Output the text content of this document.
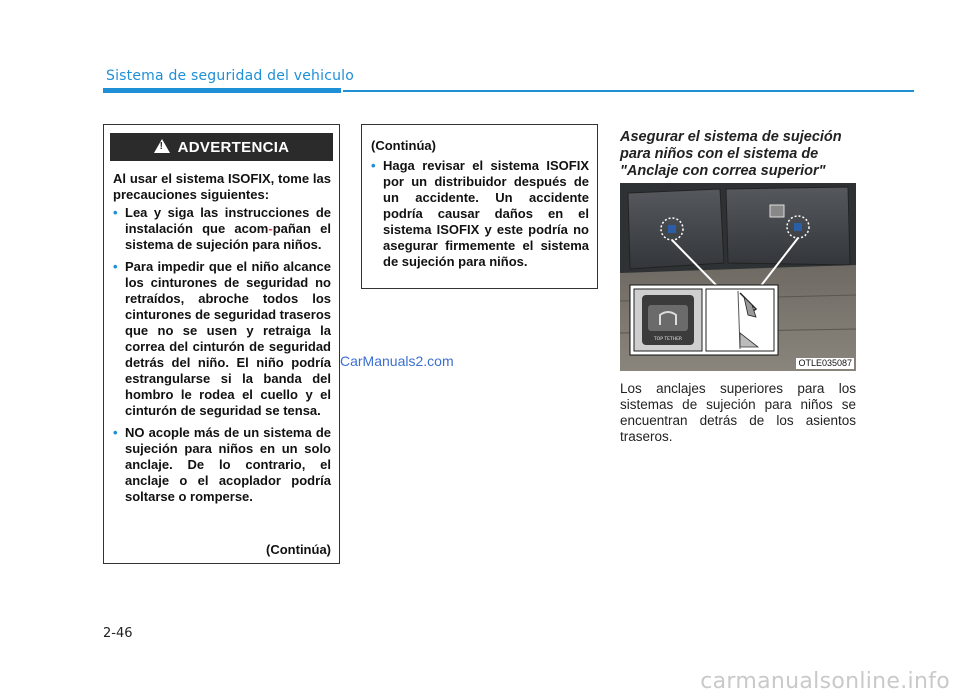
Sistema de seguridad del vehiculo
!
ADVERTENCIA
Al usar el sistema ISOFIX, tome las precauciones siguientes:
• Lea y siga las instrucciones de instalación que acom-pañan el sistema de sujeción para niños.
• Para impedir que el niño alcance los cinturones de seguridad no retraídos, abroche todos los cinturones de seguridad traseros que no se usen y retraiga la correa del cinturón de seguridad detrás del niño. El niño podría estrangularse si la banda del hombro le rodea el cuello y el cinturón de seguridad se tensa.
• NO acople más de un sistema de sujeción para niños en un solo anclaje. De lo contrario, el anclaje o el acoplador podría soltarse o romperse.
(Continúa)
(Continúa)
• Haga revisar el sistema ISOFIX por un distribuidor después de un accidente. Un accidente podría causar daños en el sistema ISOFIX y este podría no asegurar firmemente el sistema de sujeción para niños.
Asegurar el sistema de sujeción para niños con el sistema de "Anclaje con correa superior"
TOP TETHER
OTLE035087
Los anclajes superiores para los sistemas de sujeción para niños se encuentran detrás de los asientos traseros.
CarManuals2.com
2-46
carmanualsonline.info
